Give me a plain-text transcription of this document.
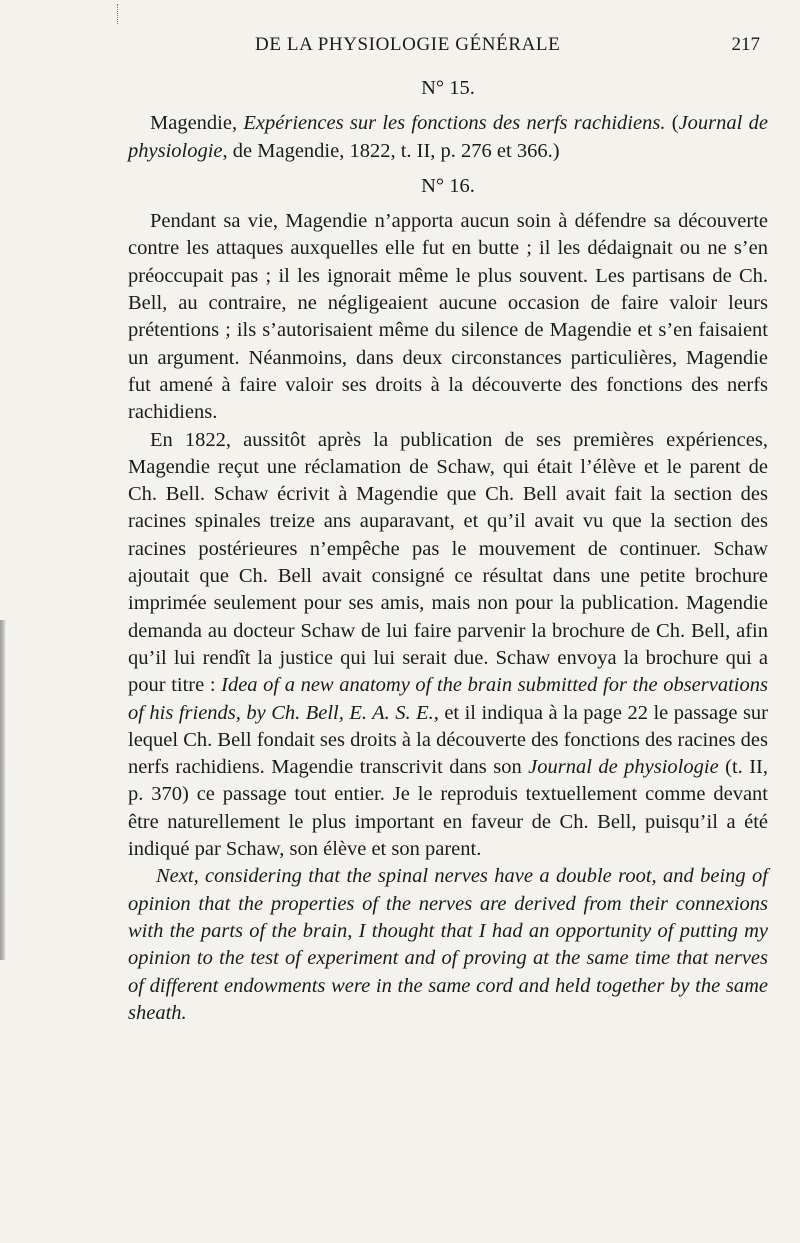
DE LA PHYSIOLOGIE GÉNÉRALE	217
N° 15.

Magendie, Expériences sur les fonctions des nerfs rachidiens. (Journal de physiologie, de Magendie, 1822, t. II, p. 276 et 366.)

N° 16.

Pendant sa vie, Magendie n’apporta aucun soin à défendre sa découverte contre les attaques auxquelles elle fut en butte ; il les dédaignait ou ne s’en préoccupait pas ; il les ignorait même le plus souvent. Les partisans de Ch. Bell, au contraire, ne négligeaient aucune occasion de faire valoir leurs prétentions ; ils s’autorisaient même du silence de Magendie et s’en faisaient un argument. Néanmoins, dans deux circonstances particulières, Magendie fut amené à faire valoir ses droits à la découverte des fonctions des nerfs rachidiens.

En 1822, aussitôt après la publication de ses premières expériences, Magendie reçut une réclamation de Schaw, qui était l’élève et le parent de Ch. Bell. Schaw écrivit à Magendie que Ch. Bell avait fait la section des racines spinales treize ans auparavant, et qu’il avait vu que la section des racines postérieures n’empêche pas le mouvement de continuer. Schaw ajoutait que Ch. Bell avait consigné ce résultat dans une petite brochure imprimée seulement pour ses amis, mais non pour la publication. Magendie demanda au docteur Schaw de lui faire parvenir la brochure de Ch. Bell, afin qu’il lui rendît la justice qui lui serait due. Schaw envoya la brochure qui a pour titre : Idea of a new anatomy of the brain submitted for the observations of his friends, by Ch. Bell, E. A. S. E., et il indiqua à la page 22 le passage sur lequel Ch. Bell fondait ses droits à la découverte des fonctions des racines des nerfs rachidiens. Magendie transcrivit dans son Journal de physiologie (t. II, p. 370) ce passage tout entier. Je le reproduis textuellement comme devant être naturellement le plus important en faveur de Ch. Bell, puisqu’il a été indiqué par Schaw, son élève et son parent.

Next, considering that the spinal nerves have a double root, and being of opinion that the properties of the nerves are derived from their connexions with the parts of the brain, I thought that I had an opportunity of putting my opinion to the test of experiment and of proving at the same time that nerves of different endowments were in the same cord and held together by the same sheath.
